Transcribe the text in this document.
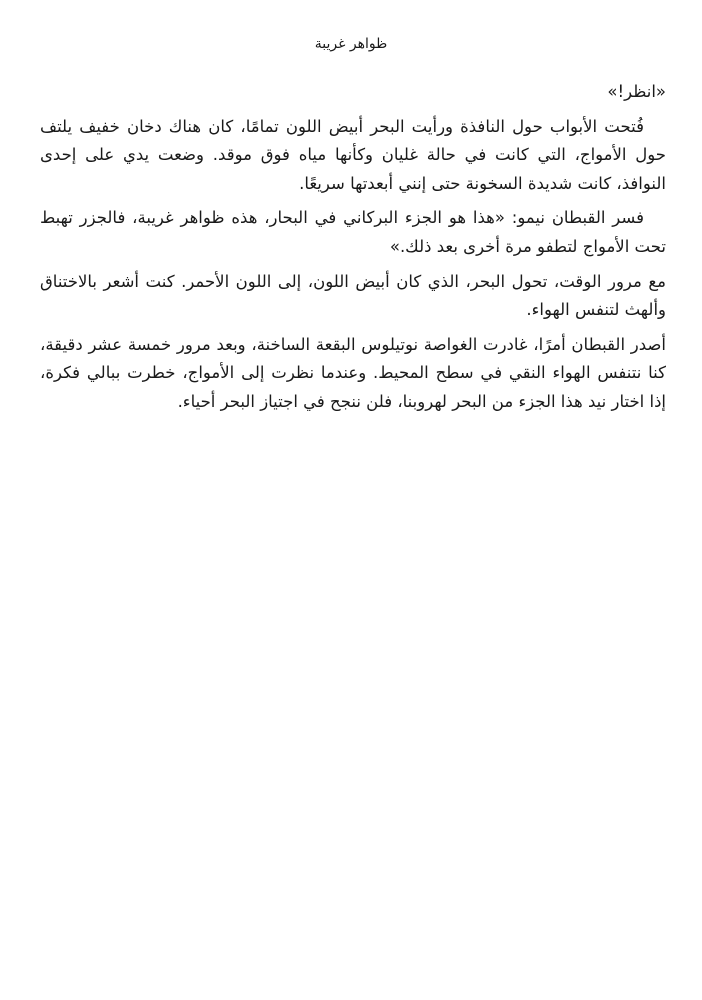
ظواهر غريبة

«انظر!»

فُتحت الأبواب حول النافذة ورأيت البحر أبيض اللون تمامًا، كان هناك دخان خفيف يلتف حول الأمواج، التي كانت في حالة غليان وكأنها مياه فوق موقد. وضعت يدي على إحدى النوافذ، كانت شديدة السخونة حتى إنني أبعدتها سريعًا.

فسر القبطان نيمو: «هذا هو الجزء البركاني في البحار، هذه ظواهر غريبة، فالجزر تهبط تحت الأمواج لتطفو مرة أخرى بعد ذلك.»

مع مرور الوقت، تحول البحر، الذي كان أبيض اللون، إلى اللون الأحمر. كنت أشعر بالاختناق وألهث لتنفس الهواء.

أصدر القبطان أمرًا، غادرت الغواصة نوتيلوس البقعة الساخنة، وبعد مرور خمسة عشر دقيقة، كنا نتنفس الهواء النقي في سطح المحيط. وعندما نظرت إلى الأمواج، خطرت ببالي فكرة، إذا اختار نيد هذا الجزء من البحر لهروبنا، فلن ننجح في اجتياز البحر أحياء.
